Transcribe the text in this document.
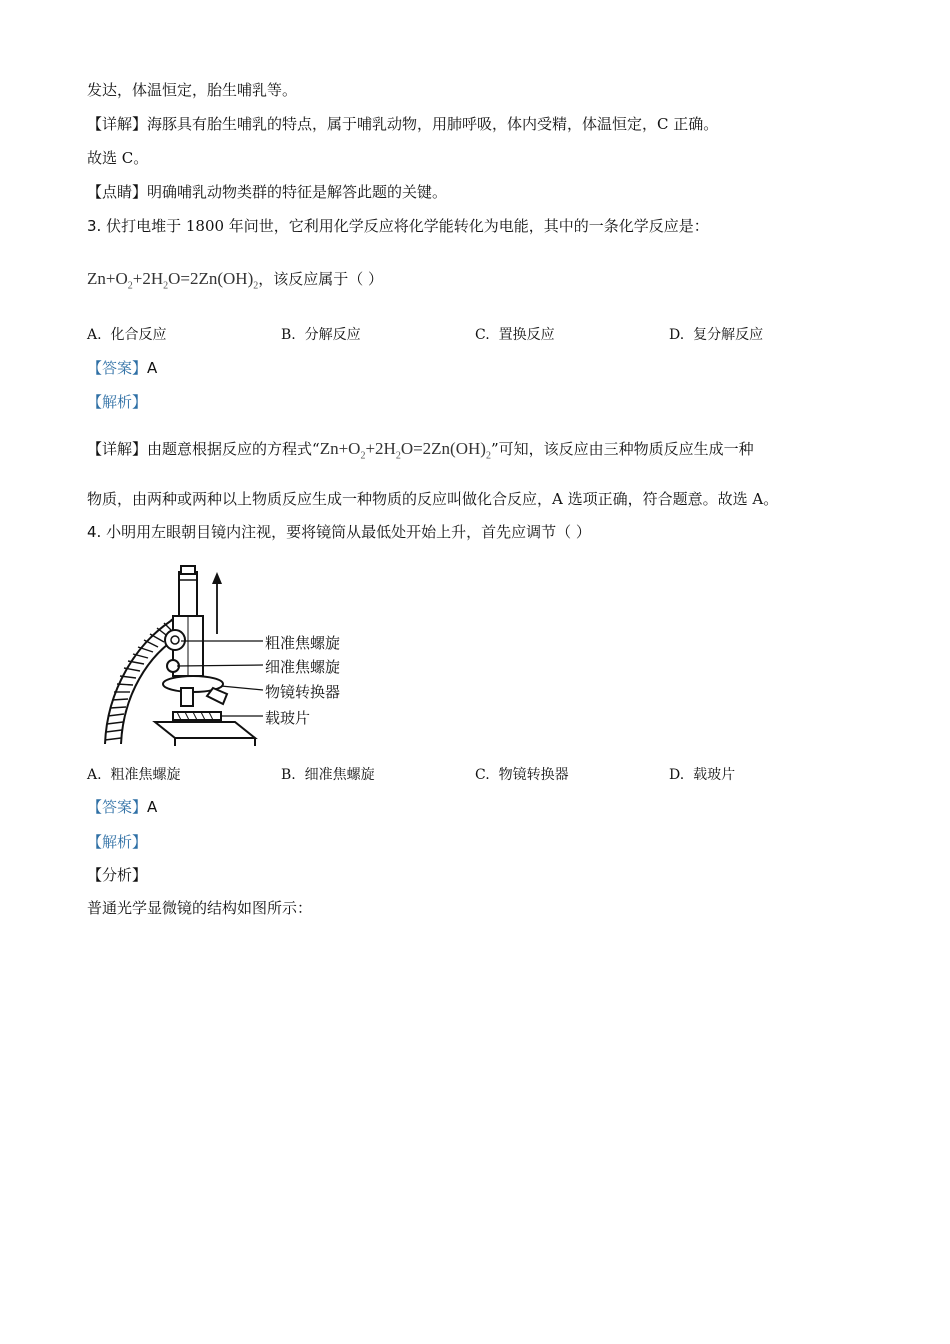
发达，体温恒定，胎生哺乳等。
【详解】海豚具有胎生哺乳的特点，属于哺乳动物，用肺呼吸，体内受精，体温恒定，C 正确。
故选 C。
【点睛】明确哺乳动物类群的特征是解答此题的关键。
3. 伏打电堆于 1800 年问世，它利用化学反应将化学能转化为电能，其中的一条化学反应是：
$Zn+O_2+2H_2O=2Zn(OH)_2$，该反应属于（ ）
A. 化合反应	B. 分解反应	C. 置换反应	D. 复分解反应
【答案】A
【解析】
【详解】由题意根据反应的方程式“$Zn+O_2+2H_2O=2Zn(OH)_2$”可知，该反应由三种物质反应生成一种
物质，由两种或两种以上物质反应生成一种物质的反应叫做化合反应，A 选项正确，符合题意。故选 A。
4. 小明用左眼朝目镜内注视，要将镜筒从最低处开始上升，首先应调节（ ）
粗准焦螺旋
细准焦螺旋
物镜转换器
载玻片
A. 粗准焦螺旋	B. 细准焦螺旋	C. 物镜转换器	D. 载玻片
【答案】A
【解析】
【分析】
普通光学显微镜的结构如图所示：
